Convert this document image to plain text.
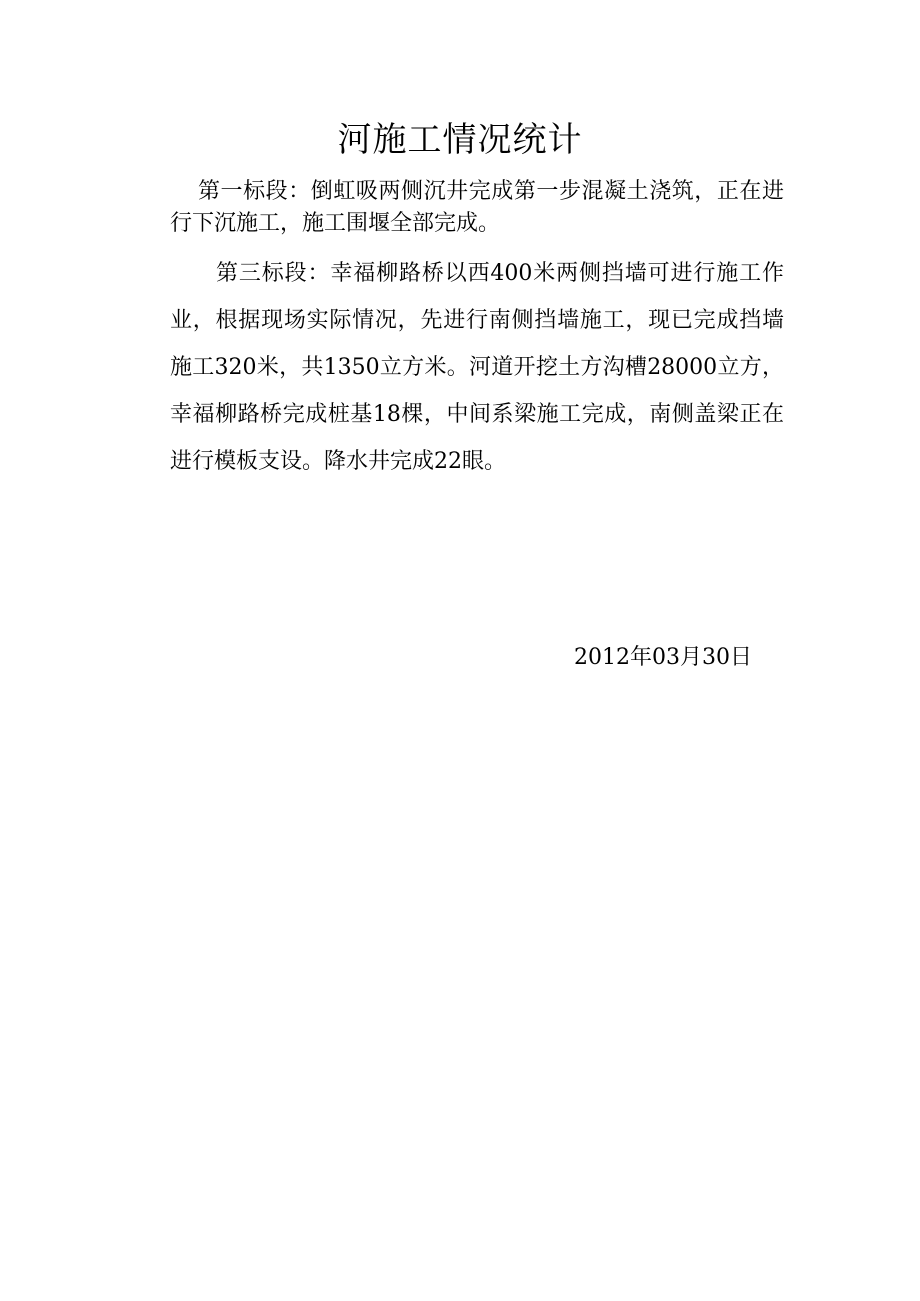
河施工情况统计

第一标段：倒虹吸两侧沉井完成第一步混凝土浇筑，正在进行下沉施工，施工围堰全部完成。

第三标段：幸福柳路桥以西400米两侧挡墙可进行施工作业，根据现场实际情况，先进行南侧挡墙施工，现已完成挡墙施工320米，共1350立方米。河道开挖土方沟槽28000立方，幸福柳路桥完成桩基18棵，中间系梁施工完成，南侧盖梁正在进行模板支设。降水井完成22眼。

2012年03月30日
